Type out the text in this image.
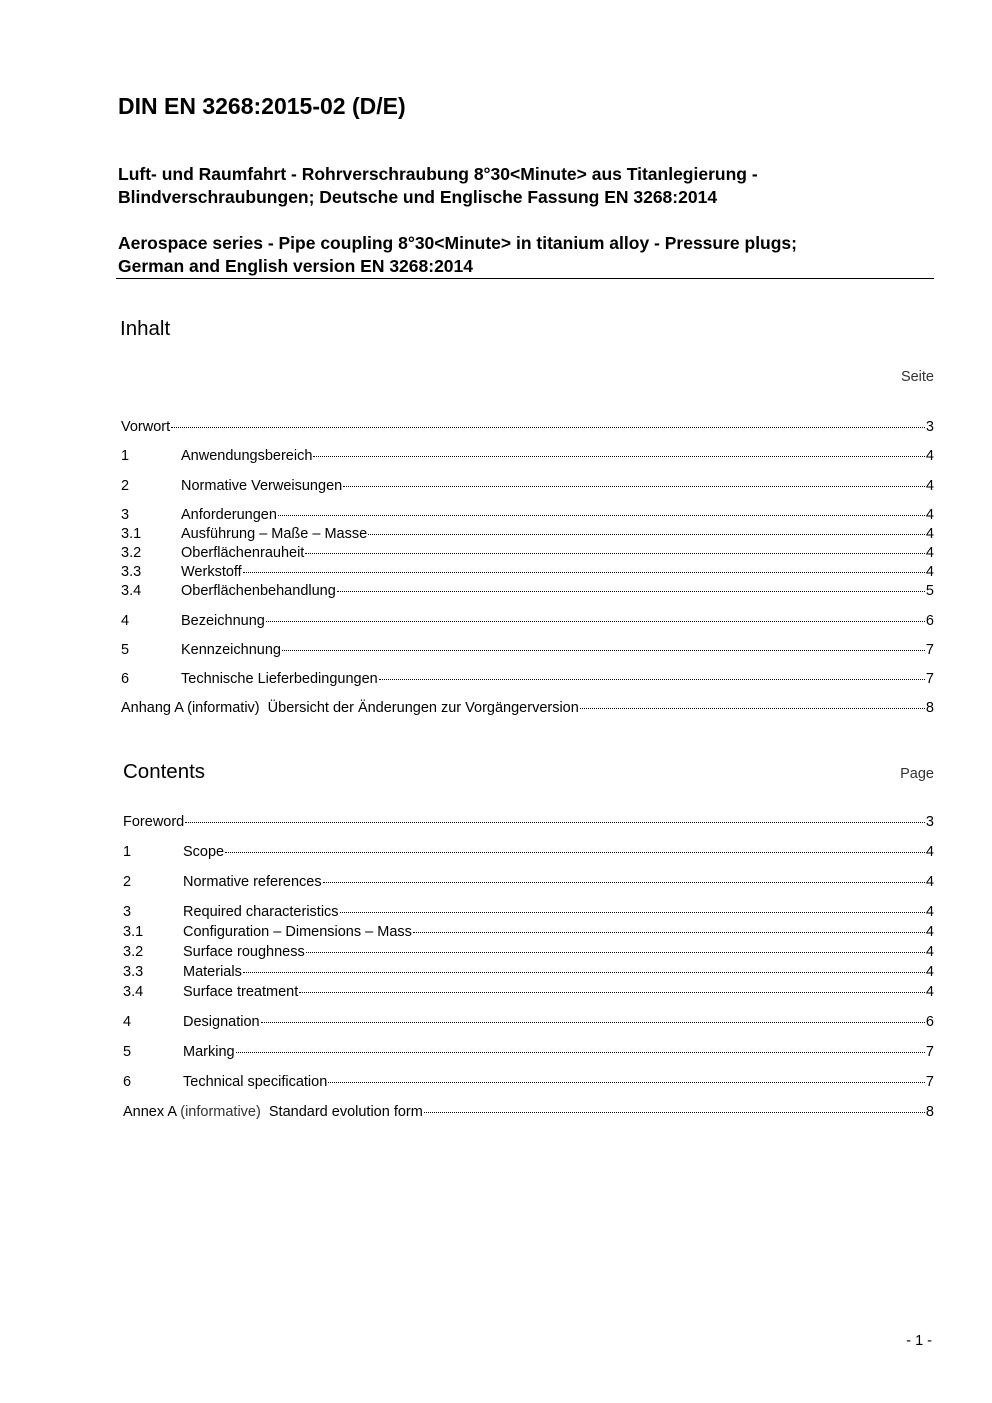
DIN EN 3268:2015-02 (D/E)
Luft- und Raumfahrt - Rohrverschraubung 8°30<Minute> aus Titanlegierung -
Blindverschraubungen; Deutsche und Englische Fassung EN 3268:2014
Aerospace series - Pipe coupling 8°30<Minute> in titanium alloy - Pressure plugs;
German and English version EN 3268:2014
Inhalt
Seite
Vorwort	3
1	Anwendungsbereich	4
2	Normative Verweisungen	4
3	Anforderungen	4
3.1	Ausführung – Maße – Masse	4
3.2	Oberflächenrauheit	4
3.3	Werkstoff	4
3.4	Oberflächenbehandlung	5
4	Bezeichnung	6
5	Kennzeichnung	7
6	Technische Lieferbedingungen	7
Anhang A (informativ)  Übersicht der Änderungen zur Vorgängerversion	8
Contents	Page
Foreword	3
1	Scope	4
2	Normative references	4
3	Required characteristics	4
3.1	Configuration – Dimensions – Mass	4
3.2	Surface roughness	4
3.3	Materials	4
3.4	Surface treatment	4
4	Designation	6
5	Marking	7
6	Technical specification	7
Annex A (informative)  Standard evolution form	8
- 1 -
